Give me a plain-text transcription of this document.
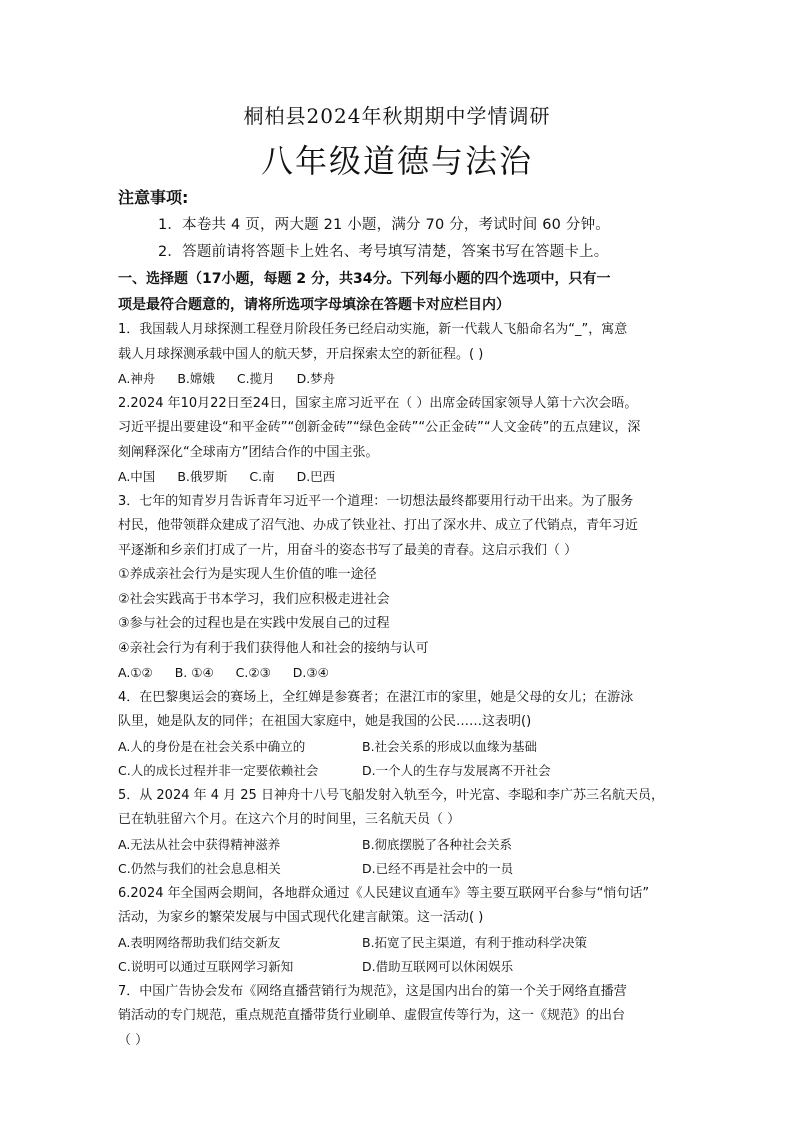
桐柏县2024年秋期期中学情调研
八年级道德与法治
注意事项:
1．本卷共 4 页，两大题 21 小题，满分 70 分，考试时间 60 分钟。
2．答题前请将答题卡上姓名、考号填写清楚，答案书写在答题卡上。
一、选择题（17小题，每题 2 分，共34分。下列每小题的四个选项中，只有一
项是最符合题意的，请将所选项字母填涂在答题卡对应栏目内）
1．我国载人月球探测工程登月阶段任务已经启动实施，新一代载人飞船命名为“_”，寓意
载人月球探测承载中国人的航天梦，开启探索太空的新征程。( )
A.神舟 B.嫦娥 C.揽月 D.梦舟
2.2024 年10月22日至24日，国家主席习近平在（ ）出席金砖国家领导人第十六次会晤。
习近平提出要建设“和平金砖”“创新金砖”“绿色金砖”“公正金砖”“人文金砖”的五点建议，深
刻阐释深化“全球南方”团结合作的中国主张。
A.中国 B.俄罗斯 C.南 D.巴西
3．七年的知青岁月告诉青年习近平一个道理：一切想法最终都要用行动干出来。为了服务
村民，他带领群众建成了沼气池、办成了铁业社、打出了深水井、成立了代销点，青年习近
平逐渐和乡亲们打成了一片，用奋斗的姿态书写了最美的青春。这启示我们（ ）
①养成亲社会行为是实现人生价值的唯一途径
②社会实践高于书本学习，我们应积极走进社会
③参与社会的过程也是在实践中发展自己的过程
④亲社会行为有利于我们获得他人和社会的接纳与认可
A.①② B. ①④ C.②③ D.③④
4．在巴黎奥运会的赛场上，全红婵是参赛者；在湛江市的家里，她是父母的女儿；在游泳
队里，她是队友的同伴；在祖国大家庭中，她是我国的公民……这表明()
A.人的身份是在社会关系中确立的	B.社会关系的形成以血缘为基础
C.人的成长过程并非一定要依赖社会	D.一个人的生存与发展离不开社会
5．从 2024 年 4 月 25 日神舟十八号飞船发射入轨至今，叶光富、李聪和李广苏三名航天员，
已在轨驻留六个月。在这六个月的时间里，三名航天员（ ）
A.无法从社会中获得精神滋养	B.彻底摆脱了各种社会关系
C.仍然与我们的社会息息相关	D.已经不再是社会中的一员
6.2024 年全国两会期间，各地群众通过《人民建议直通车》等主要互联网平台参与“悄句话”
活动，为家乡的繁荣发展与中国式现代化建言献策。这一活动( )
A.表明网络帮助我们结交新友	B.拓宽了民主渠道，有利于推动科学决策
C.说明可以通过互联网学习新知	D.借助互联网可以休闲娱乐
7．中国广告协会发布《网络直播营销行为规范》，这是国内出台的第一个关于网络直播营
销活动的专门规范，重点规范直播带货行业刷单、虚假宣传等行为，这一《规范》的出台
（ ）
